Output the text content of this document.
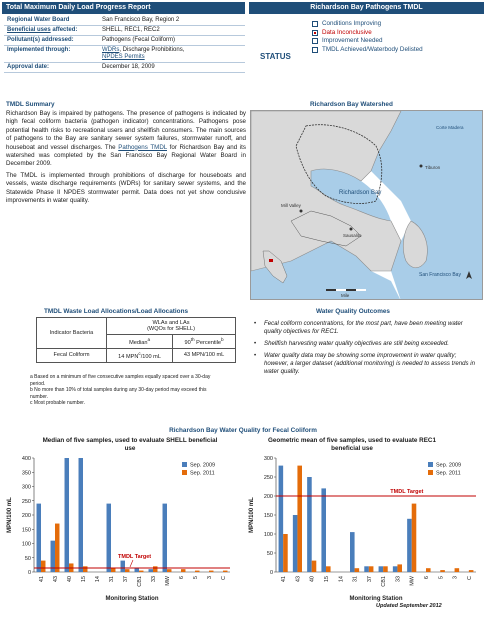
Total Maximum Daily Load Progress Report	Richardson Bay Pathogens TMDL
Regional Water Board	San Francisco Bay, Region 2
Beneficial uses affected:	SHELL, REC1, REC2
Pollutant(s) addressed:	Pathogens (Fecal Coliform)
Implemented through:	WDRs, Discharge Prohibitions,
NPDES Permits
Approval date:	December 18, 2009
STATUS
Conditions Improving
Data Inconclusive
Improvement Needed
TMDL Achieved/Waterbody Delisted
TMDL Summary

Richardson Bay is impaired by pathogens. The presence of pathogens is indicated by high fecal coliform bacteria (pathogen indicator) concentrations. Pathogens pose potential health risks to recreational users and shellfish consumers. The main sources of pathogens to the Bay are sanitary sewer system failures, stormwater runoff, and houseboat and vessel discharges. The Pathogens TMDL for Richardson Bay and its watershed was completed by the San Francisco Bay Regional Water Board in December 2009.

The TMDL is implemented through prohibitions of discharge for houseboats and vessels, waste discharge requirements (WDRs) for sanitary sewer systems, and the Statewide Phase II NPDES stormwater permit. Data does not yet show conclusive improvements in water quality.

Richardson Bay Watershed
Richardson Bay
Mill Valley
Sausalito
Tiburon
San Francisco Bay
Corte Madera
Mile
TMDL Waste Load Allocations/Load Allocations
Indicator Bacteria	WLAs and LAs
(WQOs for SHELL)	
	Median$^a$	90th Percentile$^b$
Fecal Coliform	14 MPN$^c$/100 mL	43 MPN/100 mL
a Based on a minimum of five consecutive samples equally spaced over a 30-day period.
b No more than 10% of total samples during any 30-day period may exceed this number.
c Most probable number.
Water Quality Outcomes
• Fecal coliform concentrations, for the most part, have been meeting water quality objectives for REC1.
• Shellfish harvesting water quality objectives are still being exceeded.
• Water quality data may be showing some improvement in water quality; however, a larger dataset (additional monitoring) is needed to assess trends in water quality.
Richardson Bay Water Quality for Fecal Coliform
Median of five samples, used to evaluate SHELL beneficial use
Geometric mean of five samples, used to evaluate REC1 beneficial use
0
50
100
150
200
250
300
350
400
41 43 40 15 14 31 37 CB1 33 MW 6 5 3 C
TMDL Target
Sep. 2009
Sep. 2011
Monitoring Station
MPN/100 mL
0
50
100
150
200
250
300
41 43 40 15 14 31 37 CB1 33 MW 6 5 3 C
TMDL Target
Sep. 2009
Sep. 2011
Monitoring Station
MPN/100 mL
Updated September 2012
